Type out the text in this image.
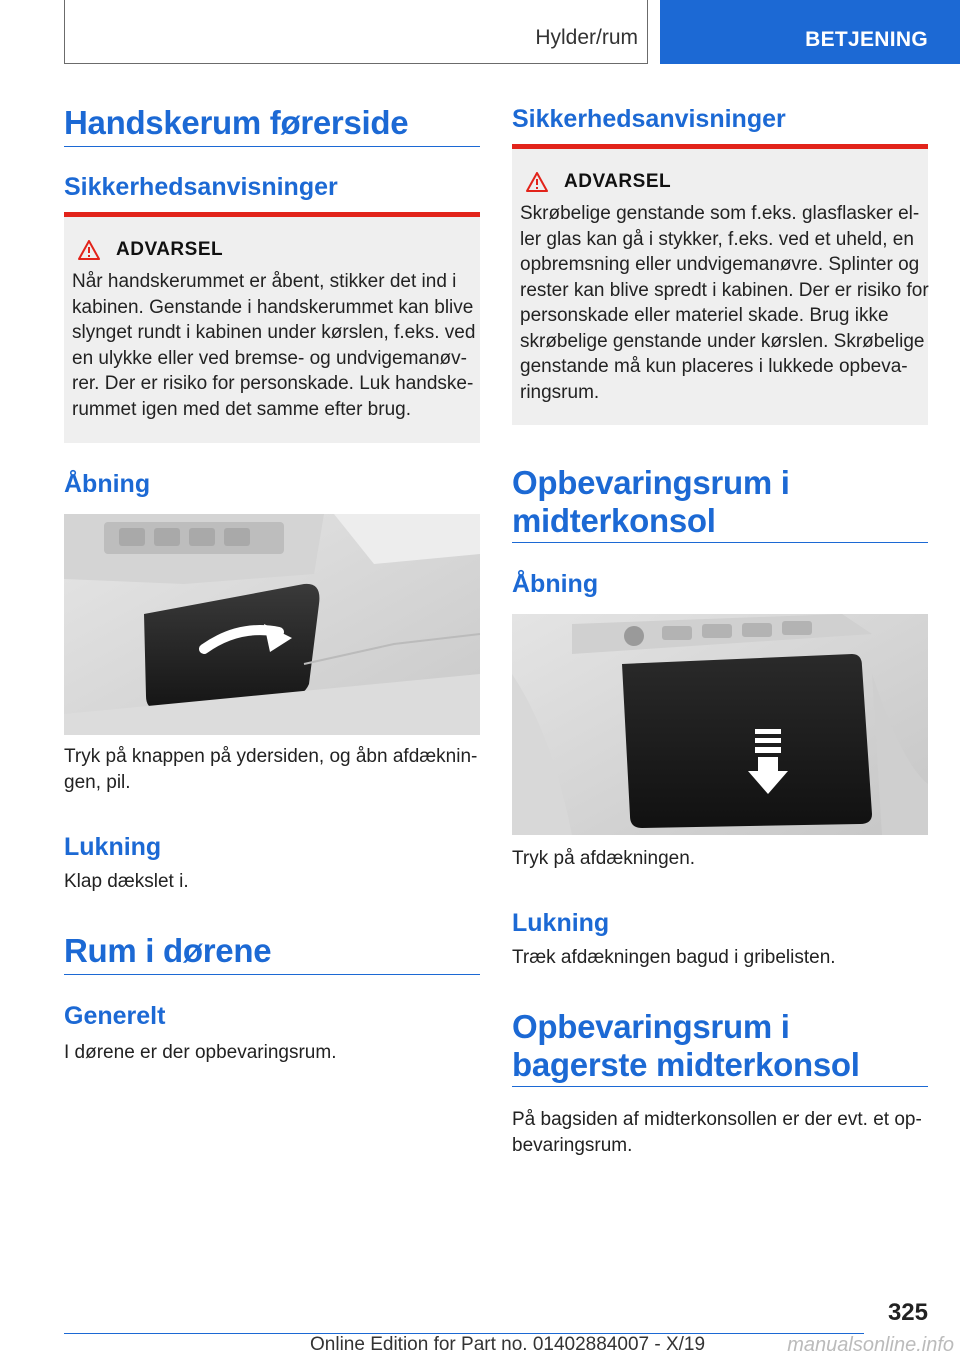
Hylder/rum	BETJENING
Handskerum førerside
Sikkerhedsanvisninger
ADVARSEL
Når handskerummet er åbent, stikker det ind i kabinen. Genstande i handskerummet kan blive slynget rundt i kabinen under kørslen, f.eks. ved en ulykke eller ved bremse- og undvigemanøv-rer. Der er risiko for personskade. Luk handske-rummet igen med det samme efter brug.
Åbning
Tryk på knappen på ydersiden, og åbn afdæknin-gen, pil.
Lukning
Klap dækslet i.
Rum i dørene
Generelt
I dørene er der opbevaringsrum.
Sikkerhedsanvisninger
ADVARSEL
Skrøbelige genstande som f.eks. glasflasker el-ler glas kan gå i stykker, f.eks. ved et uheld, en opbremsning eller undvigemanøvre. Splinter og rester kan blive spredt i kabinen. Der er risiko for personskade eller materiel skade. Brug ikke skrøbelige genstande under kørslen. Skrøbelige genstande må kun placeres i lukkede opbeva-ringsrum.
Opbevaringsrum i midterkonsol
Åbning
Tryk på afdækningen.
Lukning
Træk afdækningen bagud i gribelisten.
Opbevaringsrum i bagerste midterkonsol
På bagsiden af midterkonsollen er der evt. et op-bevaringsrum.
325
Online Edition for Part no. 01402884007 - X/19	manualsonline.info
